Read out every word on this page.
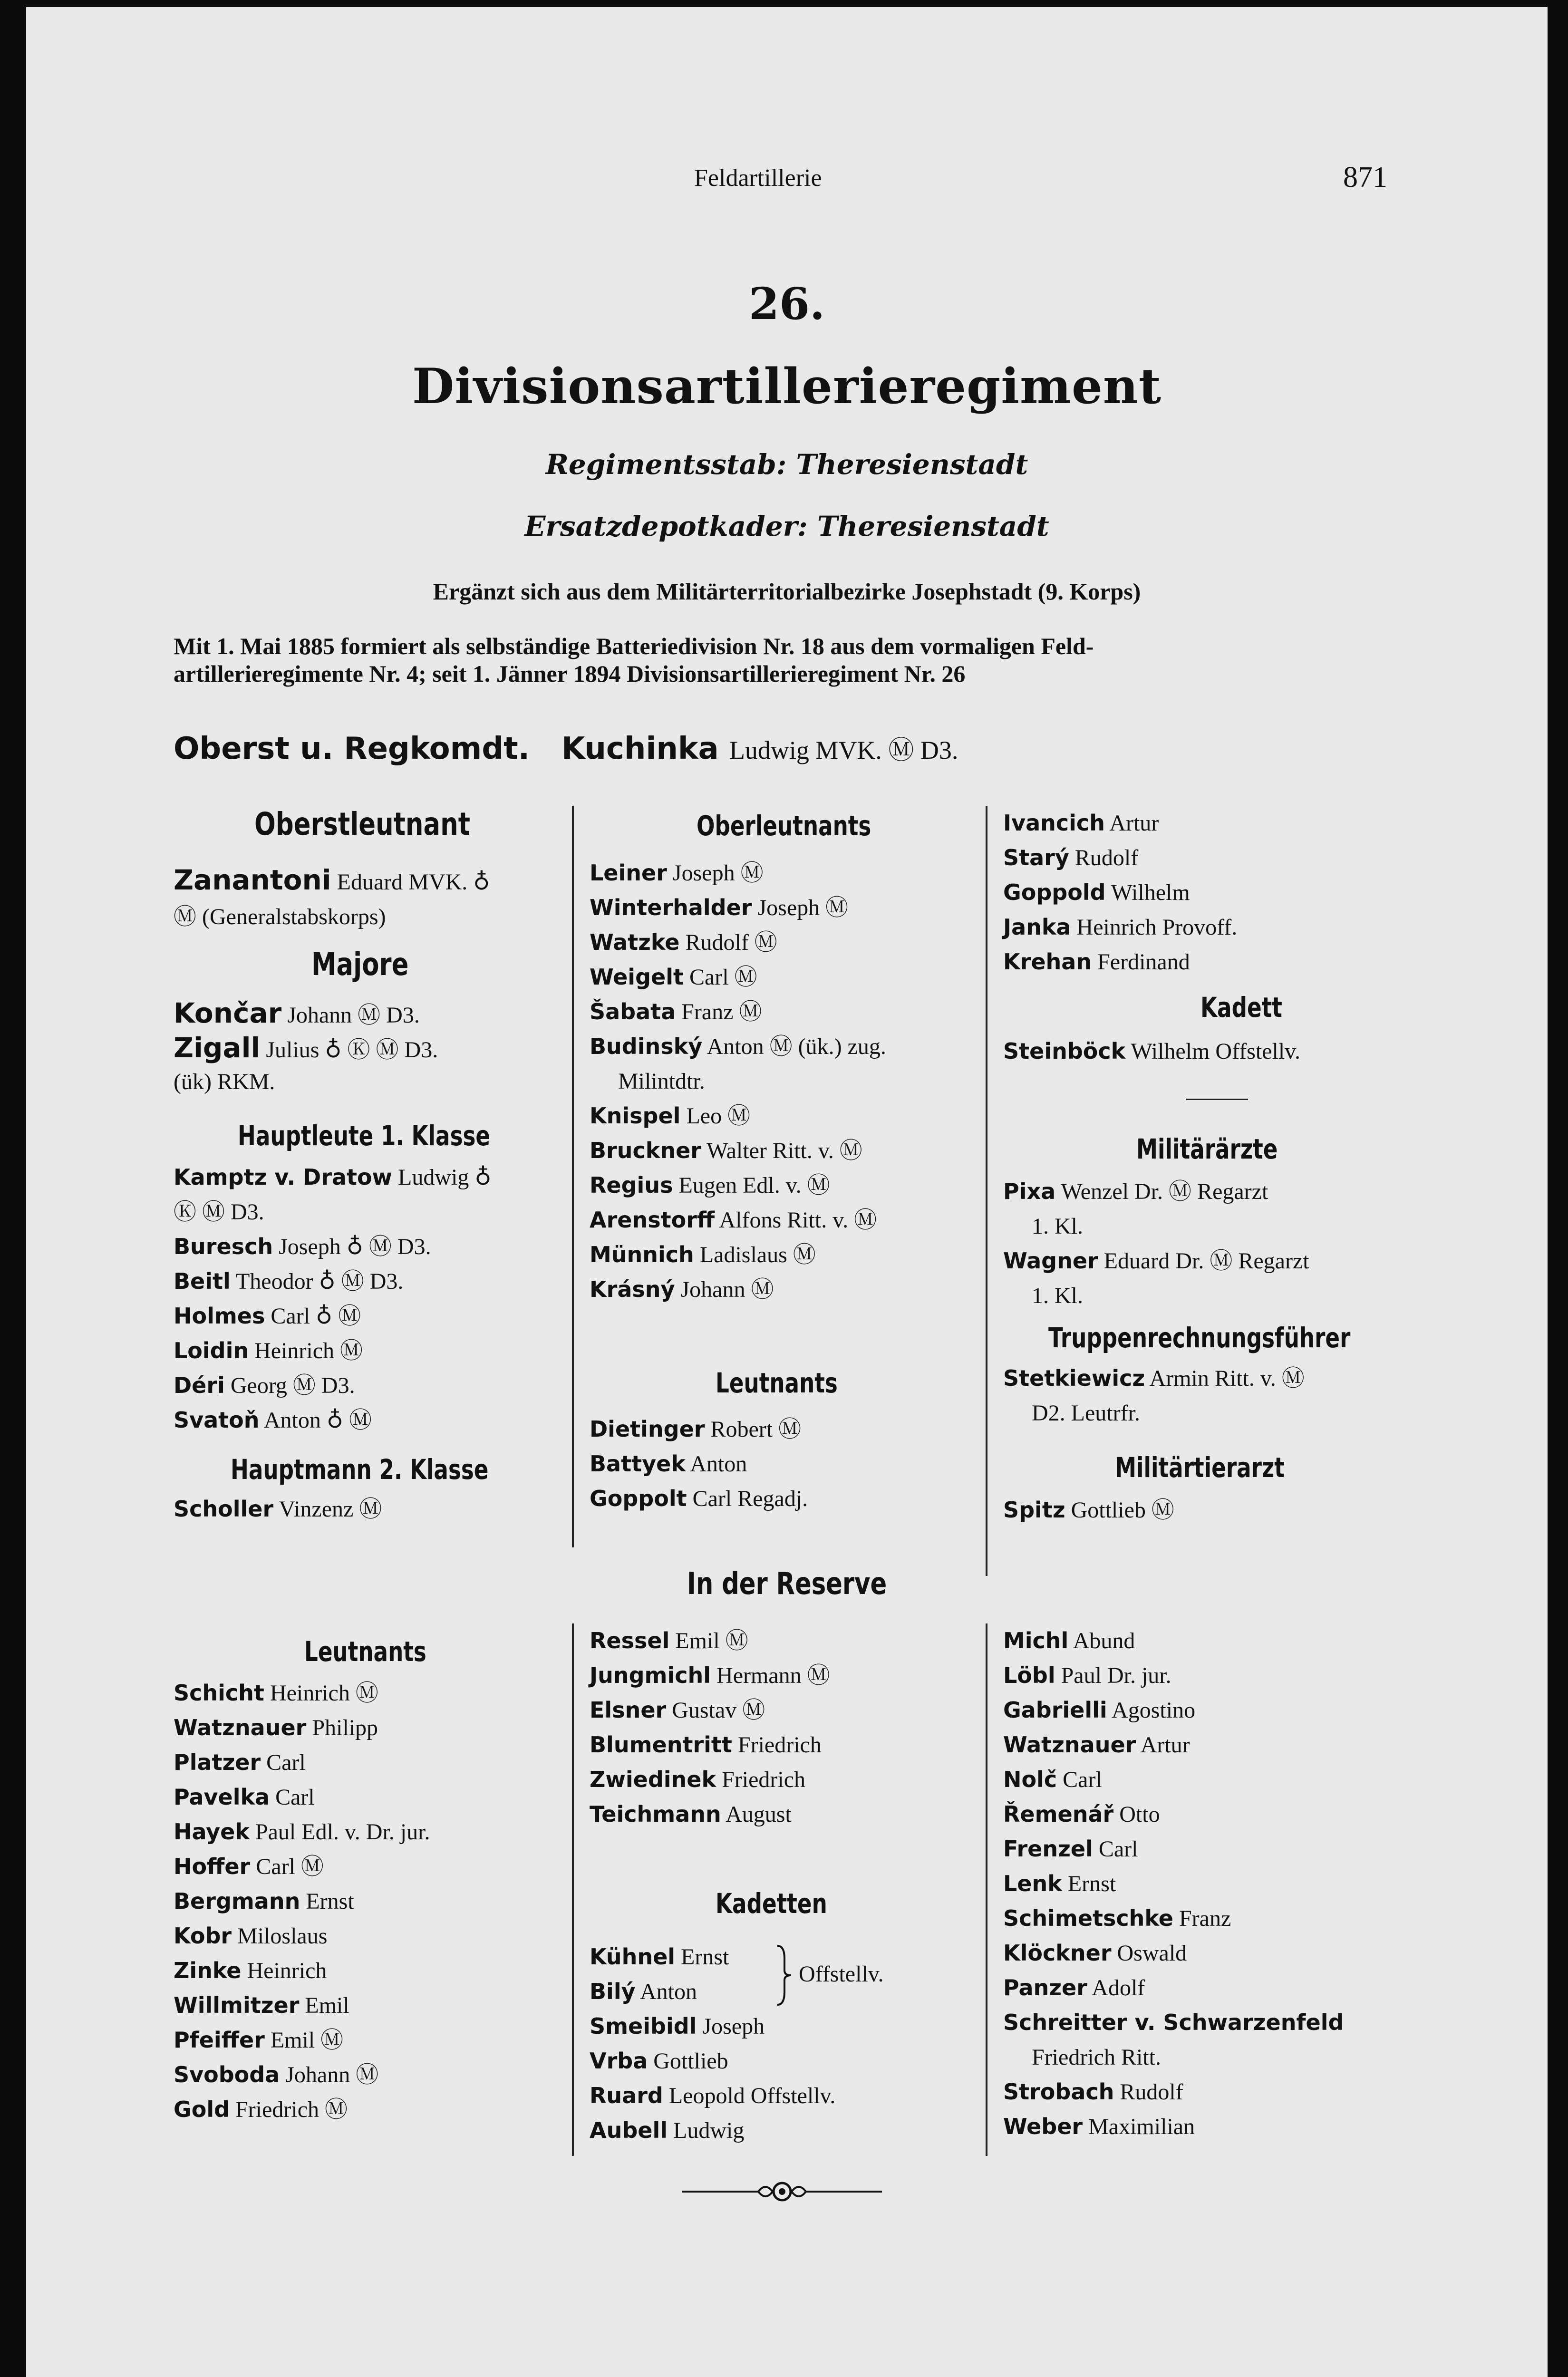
Feldartillerie	871
26.
Divisionsartillerieregiment
Regimentsstab: Theresienstadt
Ersatzdepotkader: Theresienstadt
Ergänzt sich aus dem Militärterritorialbezirke Josephstadt (9. Korps)
Mit 1. Mai 1885 formiert als selbständige Batteriedivision Nr. 18 aus dem vormaligen Feld-
artillerieregimente Nr. 4; seit 1. Jänner 1894 Divisionsartillerieregiment Nr. 26
Oberst u. Regkomdt. Kuchinka Ludwig MVK. Ⓜ D3.
Oberstleutnant
Zanantoni Eduard MVK. ♁
Ⓜ (Generalstabskorps)
Majore
Končar Johann Ⓜ D3.
Zigall Julius ♁ Ⓚ Ⓜ D3.
(ük) RKM.
Hauptleute 1. Klasse
Kamptz v. Dratow Ludwig ♁
Ⓚ Ⓜ D3.
Buresch Joseph ♁ Ⓜ D3.
Beitl Theodor ♁ Ⓜ D3.
Holmes Carl ♁ Ⓜ
Loidin Heinrich Ⓜ
Déri Georg Ⓜ D3.
Svatoň Anton ♁ Ⓜ
Hauptmann 2. Klasse
Scholler Vinzenz Ⓜ
Oberleutnants
Leiner Joseph Ⓜ
Winterhalder Joseph Ⓜ
Watzke Rudolf Ⓜ
Weigelt Carl Ⓜ
Šabata Franz Ⓜ
Budinský Anton Ⓜ (ük.) zug.
Milintdtr.
Knispel Leo Ⓜ
Bruckner Walter Ritt. v. Ⓜ
Regius Eugen Edl. v. Ⓜ
Arenstorff Alfons Ritt. v. Ⓜ
Münnich Ladislaus Ⓜ
Krásný Johann Ⓜ
Leutnants
Dietinger Robert Ⓜ
Battyek Anton
Goppolt Carl Regadj.
Ivancich Artur
Starý Rudolf
Goppold Wilhelm
Janka Heinrich Provoff.
Krehan Ferdinand
Kadett
Steinböck Wilhelm Offstellv.
Militärärzte
Pixa Wenzel Dr. Ⓜ Regarzt
1. Kl.
Wagner Eduard Dr. Ⓜ Regarzt
1. Kl.
Truppenrechnungsführer
Stetkiewicz Armin Ritt. v. Ⓜ
D2. Leutrfr.
Militärtierarzt
Spitz Gottlieb Ⓜ
In der Reserve
Leutnants
Schicht Heinrich Ⓜ
Watznauer Philipp
Platzer Carl
Pavelka Carl
Hayek Paul Edl. v. Dr. jur.
Hoffer Carl Ⓜ
Bergmann Ernst
Kobr Miloslaus
Zinke Heinrich
Willmitzer Emil
Pfeiffer Emil Ⓜ
Svoboda Johann Ⓜ
Gold Friedrich Ⓜ
Ressel Emil Ⓜ
Jungmichl Hermann Ⓜ
Elsner Gustav Ⓜ
Blumentritt Friedrich
Zwiedinek Friedrich
Teichmann August
Kadetten
Kühnel Ernst
Bilý Anton
Offstellv.
Smeibidl Joseph
Vrba Gottlieb
Ruard Leopold Offstellv.
Aubell Ludwig
Michl Abund
Löbl Paul Dr. jur.
Gabrielli Agostino
Watznauer Artur
Nolč Carl
Řemenář Otto
Frenzel Carl
Lenk Ernst
Schimetschke Franz
Klöckner Oswald
Panzer Adolf
Schreitter v. Schwarzenfeld
Friedrich Ritt.
Strobach Rudolf
Weber Maximilian
